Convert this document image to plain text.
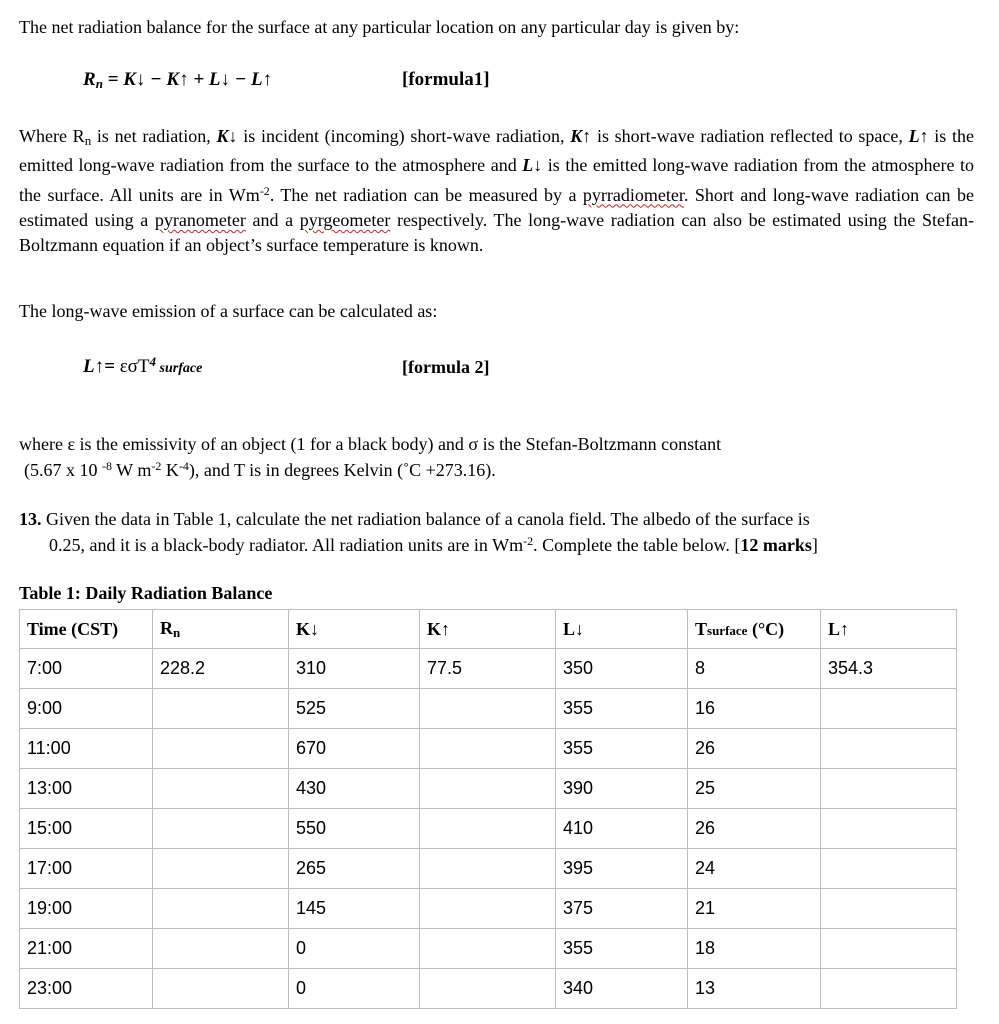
The net radiation balance for the surface at any particular location on any particular day is given by:
Rn = K↓ − K↑ + L↓ − L↑	[formula1]
Where Rn is net radiation, K↓ is incident (incoming) short-wave radiation, K↑ is short-wave radiation reflected to space, L↑ is the emitted long-wave radiation from the surface to the atmosphere and L↓ is the emitted long-wave radiation from the atmosphere to the surface. All units are in $Wm^{-2}$. The net radiation can be measured by a pyrradiometer. Short and long-wave radiation can be estimated using a pyranometer and a pyrgeometer respectively. The long-wave radiation can also be estimated using the Stefan-Boltzmann equation if an object’s surface temperature is known.
The long-wave emission of a surface can be calculated as:
L↑= εσT$^4$ surface	[formula 2]
where ε is the emissivity of an object (1 for a black body) and σ is the Stefan-Boltzmann constant
(5.67 x 10 $^{-8}$ W $m^{-2}$ $K^{-4}$), and T is in degrees Kelvin (˚C +273.16).
13. Given the data in Table 1, calculate the net radiation balance of a canola field. The albedo of the surface is
0.25, and it is a black-body radiator. All radiation units are in $Wm^{-2}$. Complete the table below. [12 marks]
Table 1: Daily Radiation Balance
Time (CST)	Rn	K↓	K↑	L↓	Tsurface (°C)	L↑
7:00	228.2	310	77.5	350	8	354.3
9:00		525		355	16	
11:00		670		355	26	
13:00		430		390	25	
15:00		550		410	26	
17:00		265		395	24	
19:00		145		375	21	
21:00		0		355	18	
23:00		0		340	13	
